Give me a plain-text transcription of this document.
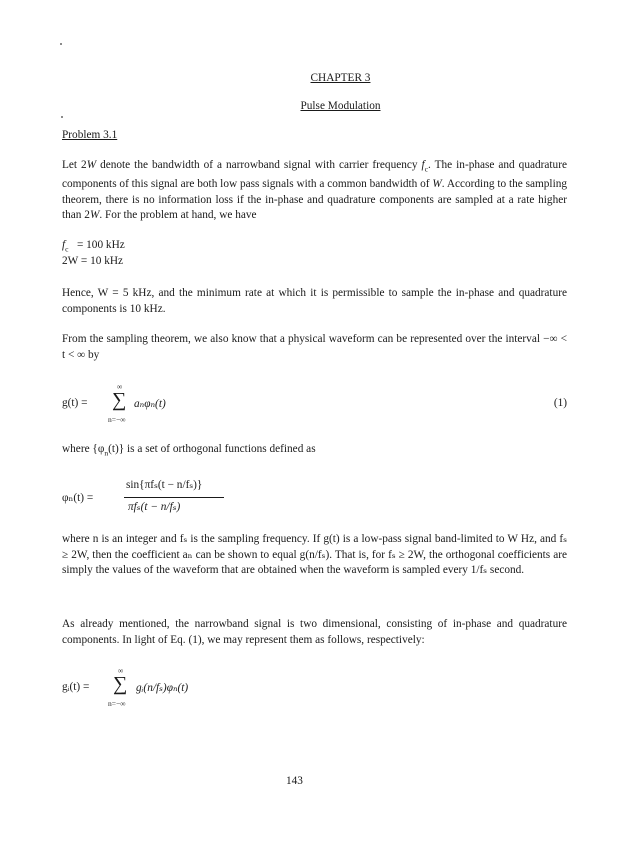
CHAPTER 3
Pulse Modulation
Problem 3.1
Let 2W denote the bandwidth of a narrowband signal with carrier frequency $f_c$. The in-phase and quadrature components of this signal are both low pass signals with a common bandwidth of W. According to the sampling theorem, there is no information loss if the in-phase and quadrature components are sampled at a rate higher than 2W. For the problem at hand, we have
$f_c = 100$ kHz
2W = 10 kHz
Hence, W = 5 kHz, and the minimum rate at which it is permissible to sample the in-phase and quadrature components is 10 kHz.
From the sampling theorem, we also know that a physical waveform can be represented over the interval −∞ < t < ∞ by
g(t) =
∞
∑
n=−∞
aₙφₙ(t)	(1)
where $\{\varphi_n(t)\}$ is a set of orthogonal functions defined as
φₙ(t) =
sin{πfₛ(t − n/fₛ)}
πfₛ(t − n/fₛ)
where n is an integer and fₛ is the sampling frequency. If g(t) is a low-pass signal band-limited to W Hz, and fₛ ≥ 2W, then the coefficient aₙ can be shown to equal g(n/fₛ). That is, for fₛ ≥ 2W, the orthogonal coefficients are simply the values of the waveform that are obtained when the waveform is sampled every 1/fₛ second.
As already mentioned, the narrowband signal is two dimensional, consisting of in-phase and quadrature components. In light of Eq. (1), we may represent them as follows, respectively:
gᵢ(t) =
∞
∑
n=−∞
gᵢ(n/fₛ)φₙ(t)
143
